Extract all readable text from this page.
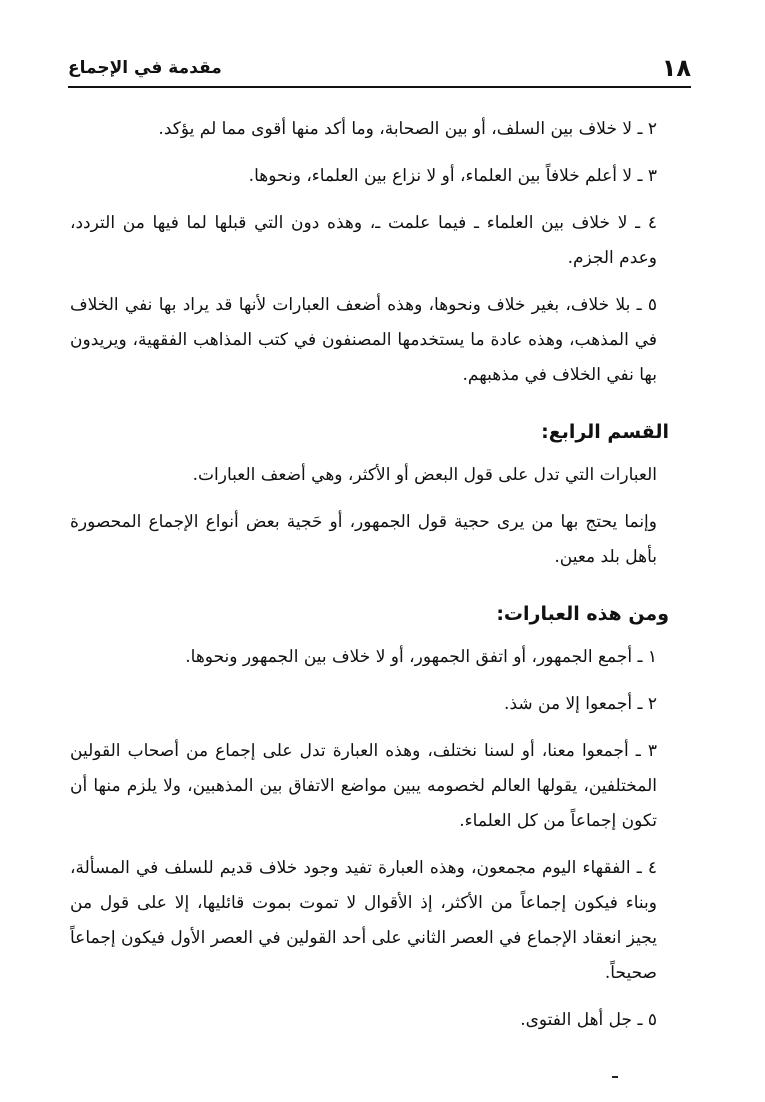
١٨
مقدمة في الإجماع

٢ ـ لا خلاف بين السلف، أو بين الصحابة، وما أكد منها أقوى مما لم يؤكد.

٣ ـ لا أعلم خلافاً بين العلماء، أو لا نزاع بين العلماء، ونحوها.

٤ ـ لا خلاف بين العلماء ـ فيما علمت ـ، وهذه دون التي قبلها لما فيها من التردد، وعدم الجزم.

٥ ـ بلا خلاف، بغير خلاف ونحوها، وهذه أضعف العبارات لأنها قد يراد بها نفي الخلاف في المذهب، وهذه عادة ما يستخدمها المصنفون في كتب المذاهب الفقهية، ويريدون بها نفي الخلاف في مذهبهم.

القسم الرابع:

العبارات التي تدل على قول البعض أو الأكثر، وهي أضعف العبارات.

وإنما يحتج بها من يرى حجية قول الجمهور، أو حَجية بعض أنواع الإجماع المحصورة بأهل بلد معين.

ومن هذه العبارات:

١ ـ أجمع الجمهور، أو اتفق الجمهور، أو لا خلاف بين الجمهور ونحوها.

٢ ـ أجمعوا إلا من شذ.

٣ ـ أجمعوا معنا، أو لسنا نختلف، وهذه العبارة تدل على إجماع من أصحاب القولين المختلفين، يقولها العالم لخصومه يبين مواضع الاتفاق بين المذهبين، ولا يلزم منها أن تكون إجماعاً من كل العلماء.

٤ ـ الفقهاء اليوم مجمعون، وهذه العبارة تفيد وجود خلاف قديم للسلف في المسألة، وبناء فيكون إجماعاً من الأكثر، إذ الأقوال لا تموت بموت قائليها، إلا على قول من يجيز انعقاد الإجماع في العصر الثاني على أحد القولين في العصر الأول فيكون إجماعاً صحيحاً.

٥ ـ جل أهل الفتوى.
